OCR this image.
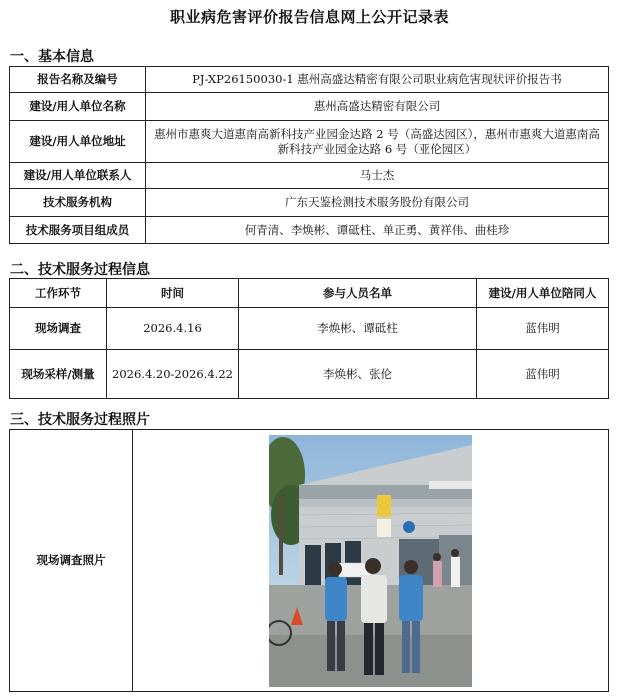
职业病危害评价报告信息网上公开记录表
一、基本信息
报告名称及编号	PJ-XP26150030-1 惠州高盛达精密有限公司职业病危害现状评价报告书
建设/用人单位名称	惠州高盛达精密有限公司
建设/用人单位地址	惠州市惠爽大道惠南高新科技产业园金达路 2 号（高盛达园区），惠州市惠爽大道惠南高新科技产业园金达路 6 号（亚伦园区）
建设/用人单位联系人	马士杰
技术服务机构	广东天鉴检测技术服务股份有限公司
技术服务项目组成员	何青清、李焕彬、谭砥柱、单正勇、黄祥伟、曲桂珍
二、技术服务过程信息
工作环节	时间	参与人员名单	建设/用人单位陪同人
现场调查	2026.4.16	李焕彬、谭砥柱	蓝伟明
现场采样/测量	2026.4.20-2026.4.22	李焕彬、张伦	蓝伟明
三、技术服务过程照片
现场调查照片	
